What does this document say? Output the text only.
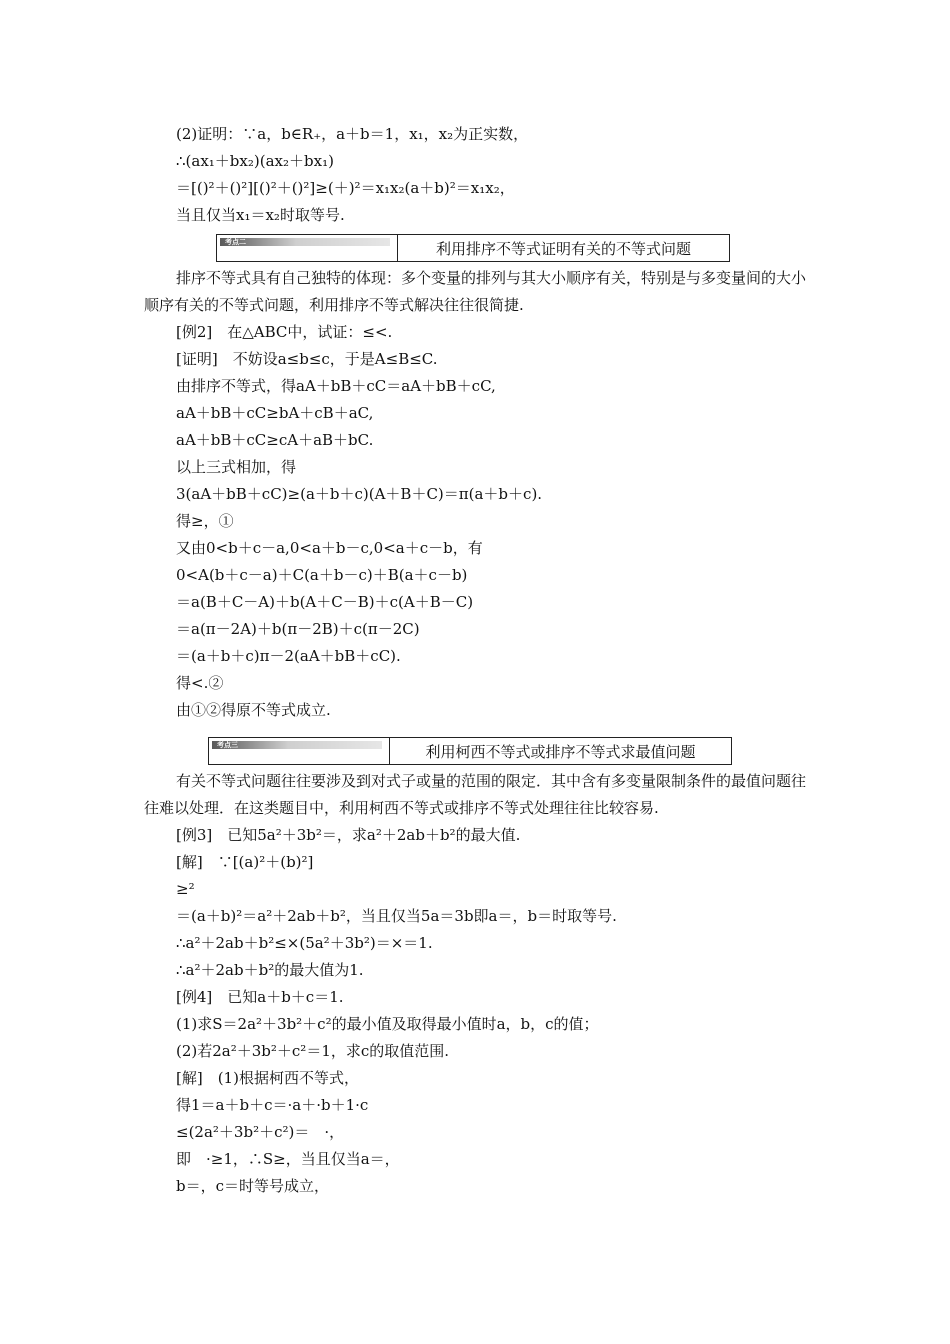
(2)证明：∵a，b∈R₊，a＋b＝1，x₁，x₂为正实数，
∴(ax₁＋bx₂)(ax₂＋bx₁)
＝[()²＋()²][()²＋()²]≥(＋)²＝x₁x₂(a＋b)²＝x₁x₂，
当且仅当x₁＝x₂时取等号.
考点二	利用排序不等式证明有关的不等式问题
排序不等式具有自己独特的体现：多个变量的排列与其大小顺序有关，特别是与多变量间的大小顺序有关的不等式问题，利用排序不等式解决往往很简捷.
[例2]　在△ABC中，试证：≤<.
[证明]　不妨设a≤b≤c，于是A≤B≤C.
由排序不等式，得aA＋bB＋cC＝aA＋bB＋cC,
aA＋bB＋cC≥bA＋cB＋aC,
aA＋bB＋cC≥cA＋aB＋bC.
以上三式相加，得
3(aA＋bB＋cC)≥(a＋b＋c)(A＋B＋C)＝π(a＋b＋c).
得≥，①
又由0<b＋c－a,0<a＋b－c,0<a＋c－b，有
0<A(b＋c－a)＋C(a＋b－c)＋B(a＋c－b)
＝a(B＋C－A)＋b(A＋C－B)＋c(A＋B－C)
＝a(π－2A)＋b(π－2B)＋c(π－2C)
＝(a＋b＋c)π－2(aA＋bB＋cC).
得<.②
由①②得原不等式成立.
考点三	利用柯西不等式或排序不等式求最值问题
有关不等式问题往往要涉及到对式子或量的范围的限定．其中含有多变量限制条件的最值问题往往难以处理．在这类题目中，利用柯西不等式或排序不等式处理往往比较容易.
[例3]　已知5a²＋3b²＝，求a²＋2ab＋b²的最大值.
[解]　∵[(a)²＋(b)²]
≥²
＝(a＋b)²＝a²＋2ab＋b²，当且仅当5a＝3b即a＝，b＝时取等号.
∴a²＋2ab＋b²≤×(5a²＋3b²)＝×＝1.
∴a²＋2ab＋b²的最大值为1.
[例4]　已知a＋b＋c＝1.
(1)求S＝2a²＋3b²＋c²的最小值及取得最小值时a，b，c的值；
(2)若2a²＋3b²＋c²＝1，求c的取值范围.
[解]　(1)根据柯西不等式，
得1＝a＋b＋c＝·a＋·b＋1·c
≤(2a²＋3b²＋c²)＝　·，
即　·≥1，∴S≥，当且仅当a＝，
b＝，c＝时等号成立，
